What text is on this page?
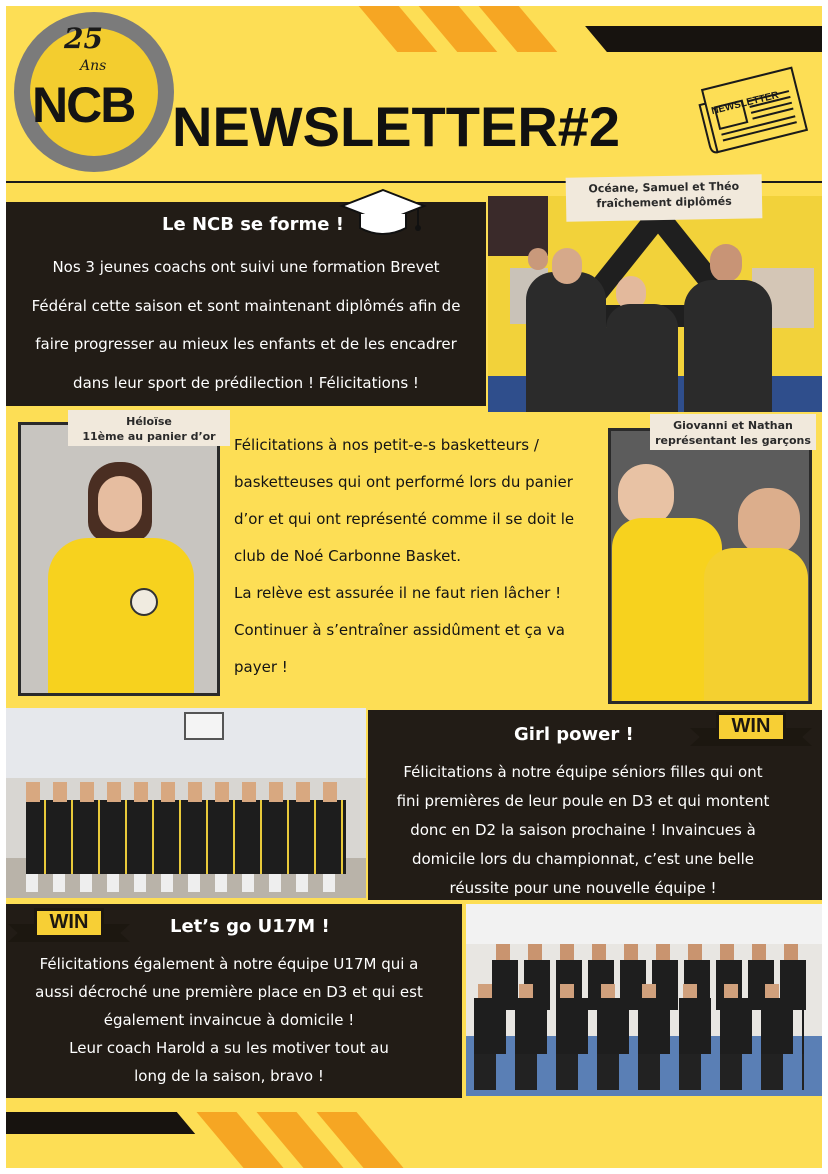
25
Ans
NCB NEWSLETTER#2	NEWSLETTER
Le NCB se forme !
Nos 3 jeunes coachs ont suivi une formation Brevet
Fédéral cette saison et sont maintenant diplômés afin de
faire progresser au mieux les enfants et de les encadrer
dans leur sport de prédilection ! Félicitations !
Océane, Samuel et Théo
fraîchement diplômés
Héloïse
11ème au panier d’or	Félicitations à nos petit-e-s basketteurs /
basketteuses qui ont performé lors du panier
d’or et qui ont représenté comme il se doit le
club de Noé Carbonne Basket.
La relève est assurée il ne faut rien lâcher !
Continuer à s’entraîner assidûment et ça va
payer !
Giovanni et Nathan
représentant les garçons
Girl power !
Félicitations à notre équipe séniors filles qui ont
fini premières de leur poule en D3 et qui montent
donc en D2 la saison prochaine ! Invaincues à
domicile lors du championnat, c’est une belle
réussite pour une nouvelle équipe !
WIN
Let’s go U17M !
Félicitations également à notre équipe U17M qui a
aussi décroché une première place en D3 et qui est
également invaincue à domicile !
Leur coach Harold a su les motiver tout au
long de la saison, bravo !
WIN
